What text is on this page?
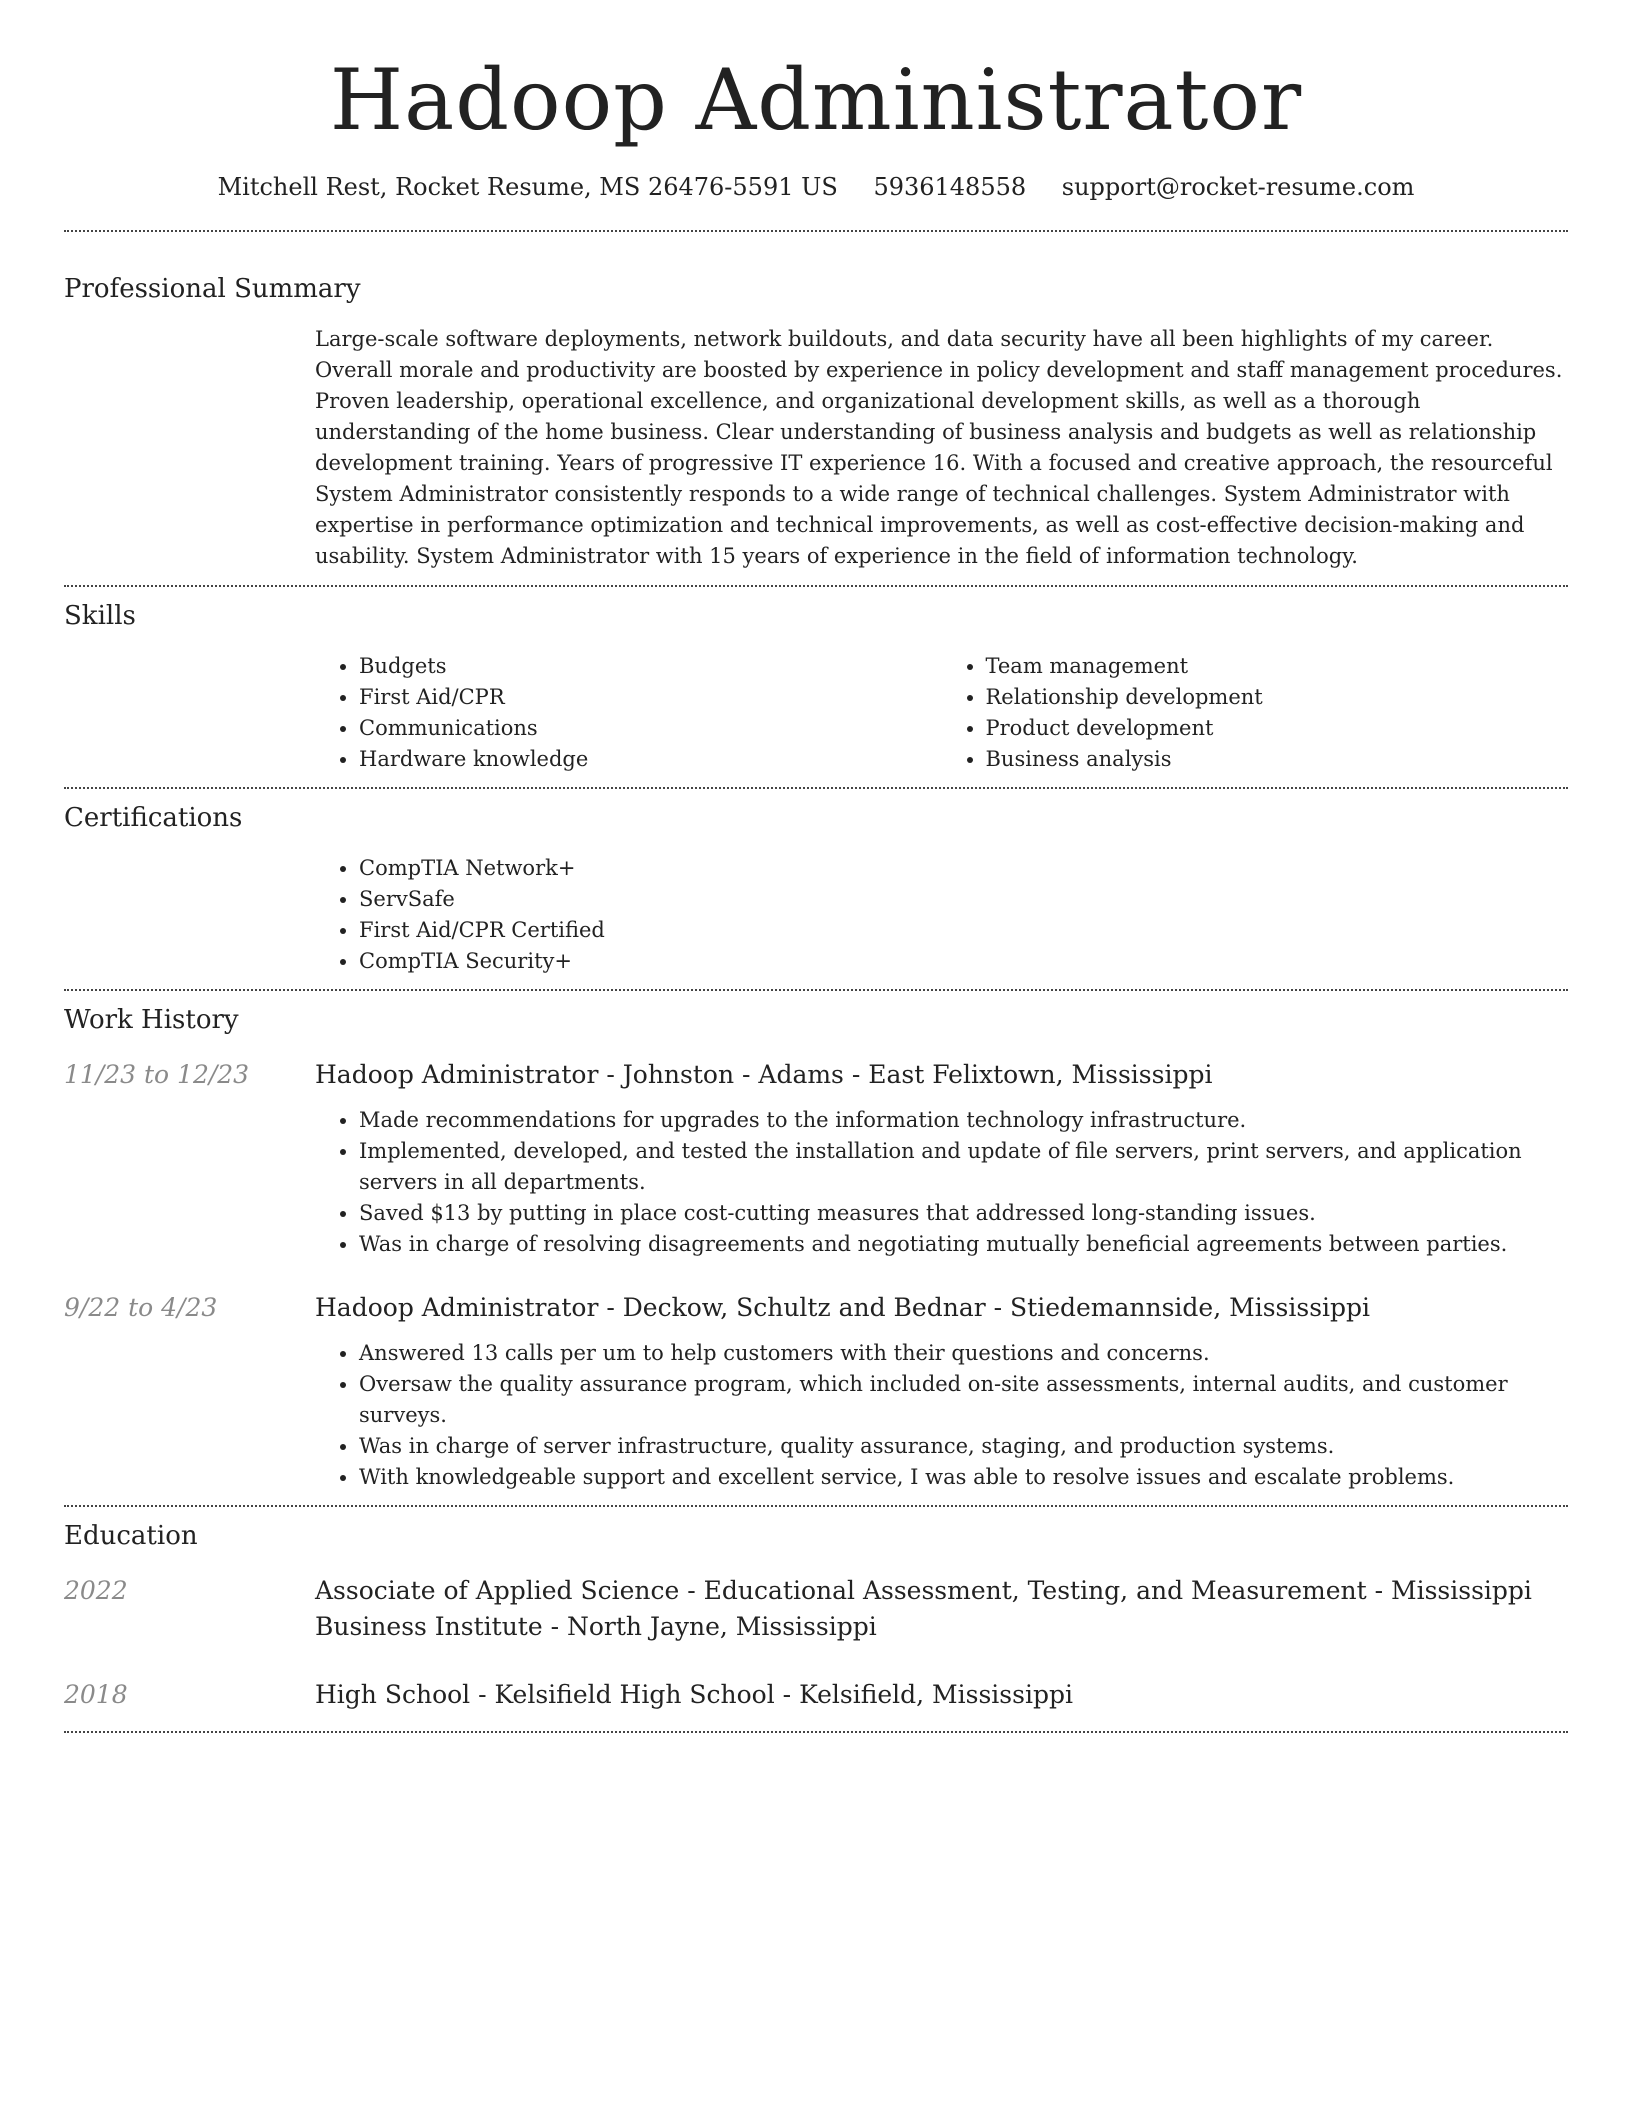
Hadoop Administrator
Mitchell Rest, Rocket Resume, MS 26476-5591 US 5936148558 support@rocket-resume.com
Professional Summary
Large-scale software deployments, network buildouts, and data security have all been highlights of my career. Overall morale and productivity are boosted by experience in policy development and staff management procedures. Proven leadership, operational excellence, and organizational development skills, as well as a thorough understanding of the home business. Clear understanding of business analysis and budgets as well as relationship development training. Years of progressive IT experience 16. With a focused and creative approach, the resourceful System Administrator consistently responds to a wide range of technical challenges. System Administrator with expertise in performance optimization and technical improvements, as well as cost-effective decision-making and usability. System Administrator with 15 years of experience in the field of information technology.
Skills
• Budgets
• First Aid/CPR
• Communications
• Hardware knowledge
• Team management
• Relationship development
• Product development
• Business analysis
Certifications
• CompTIA Network+
• ServSafe
• First Aid/CPR Certified
• CompTIA Security+
Work History
11/23 to 12/23	Hadoop Administrator - Johnston - Adams - East Felixtown, Mississippi
• Made recommendations for upgrades to the information technology infrastructure.
• Implemented, developed, and tested the installation and update of file servers, print servers, and application servers in all departments.
• Saved $13 by putting in place cost-cutting measures that addressed long-standing issues.
• Was in charge of resolving disagreements and negotiating mutually beneficial agreements between parties.
9/22 to 4/23	Hadoop Administrator - Deckow, Schultz and Bednar - Stiedemannside, Mississippi
• Answered 13 calls per um to help customers with their questions and concerns.
• Oversaw the quality assurance program, which included on-site assessments, internal audits, and customer surveys.
• Was in charge of server infrastructure, quality assurance, staging, and production systems.
• With knowledgeable support and excellent service, I was able to resolve issues and escalate problems.
Education
2022	Associate of Applied Science - Educational Assessment, Testing, and Measurement - Mississippi Business Institute - North Jayne, Mississippi
2018	High School - Kelsifield High School - Kelsifield, Mississippi
